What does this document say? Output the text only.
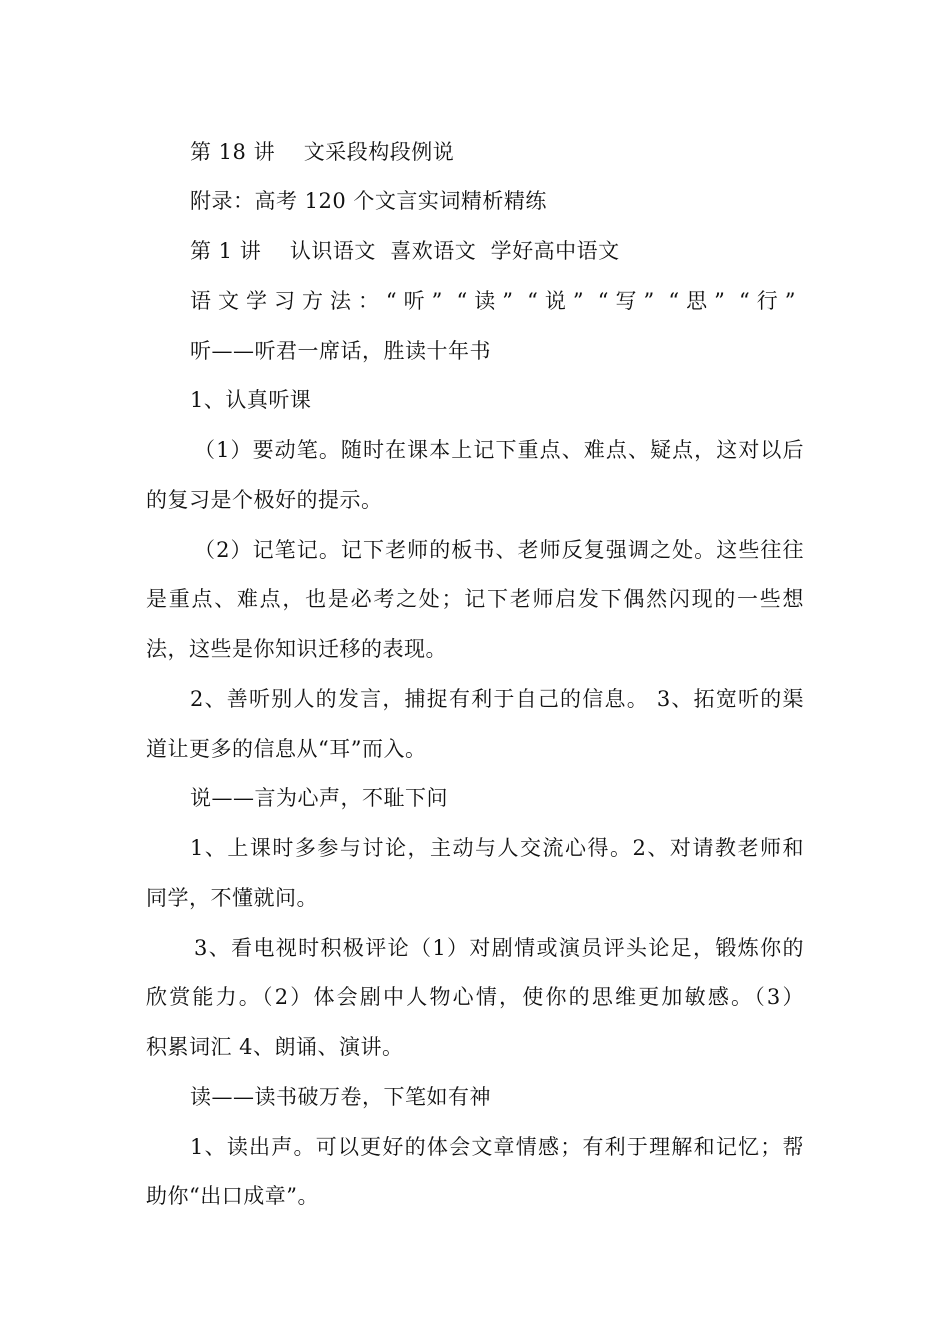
第 18 讲    文采段构段例说
附录：高考 120 个文言实词精析精练
第 1 讲    认识语文  喜欢语文  学好高中语文
语文学习方法：“听” “读” “说” “写” “思” “行”
听——听君一席话，胜读十年书
1、认真听课
（1）要动笔。随时在课本上记下重点、难点、疑点，这对以后
的复习是个极好的提示。
（2）记笔记。记下老师的板书、老师反复强调之处。这些往往
是重点、难点，也是必考之处；记下老师启发下偶然闪现的一些想
法，这些是你知识迁移的表现。
2、善听别人的发言，捕捉有利于自己的信息。 3、拓宽听的渠
道让更多的信息从“耳”而入。
说——言为心声，不耻下问
1、上课时多参与讨论，主动与人交流心得。2、对请教老师和
同学，不懂就问。
3、看电视时积极评论（1）对剧情或演员评头论足，锻炼你的
欣赏能力。（2）体会剧中人物心情，使你的思维更加敏感。（3）
积累词汇 4、朗诵、演讲。
读——读书破万卷，下笔如有神
1、读出声。可以更好的体会文章情感；有利于理解和记忆；帮
助你“出口成章”。
